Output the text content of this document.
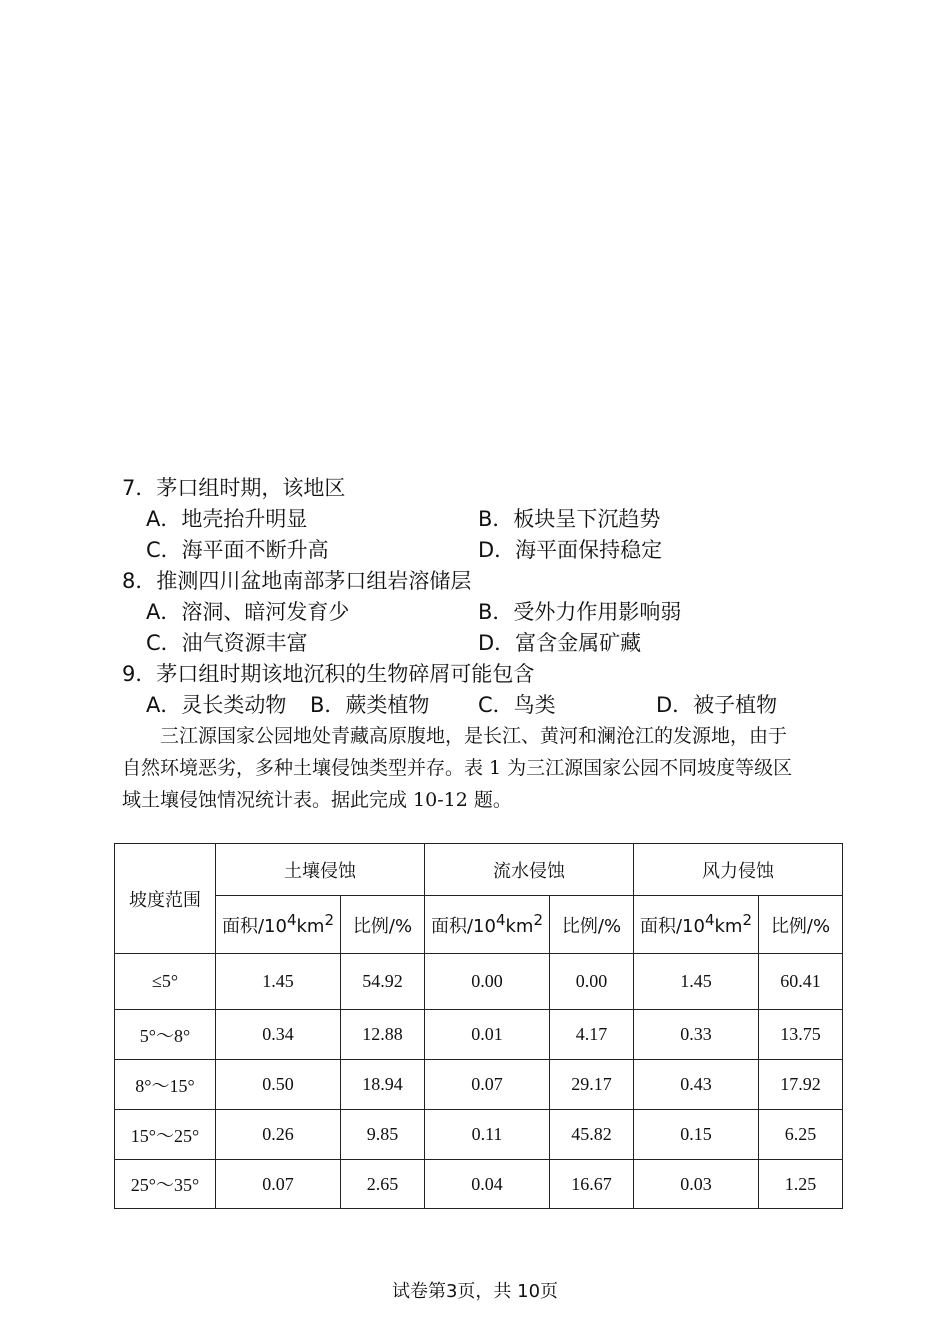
7．茅口组时期，该地区
A．地壳抬升明显	B．板块呈下沉趋势
C．海平面不断升高	D．海平面保持稳定
8．推测四川盆地南部茅口组岩溶储层
A．溶洞、暗河发育少	B．受外力作用影响弱
C．油气资源丰富	D．富含金属矿藏
9．茅口组时期该地沉积的生物碎屑可能包含
A．灵长类动物 B．蕨类植物 C．鸟类	D．被子植物

三江源国家公园地处青藏高原腹地，是长江、黄河和澜沧江的发源地，由于

自然环境恶劣，多种土壤侵蚀类型并存。表 1 为三江源国家公园不同坡度等级区

域土壤侵蚀情况统计表。据此完成 10-12 题。

坡度范围	土壤侵蚀		流水侵蚀		风力侵蚀	
	面积$/10^4km^2$	比例/%	面积$/10^4km^2$	比例/%	面积$/10^4km^2$	比例/%
≤5°	1.45	54.92	0.00	0.00	1.45	60.41
5°～8°	0.34	12.88	0.01	4.17	0.33	13.75
8°～15°	0.50	18.94	0.07	29.17	0.43	17.92
15°～25°	0.26	9.85	0.11	45.82	0.15	6.25
25°～35°	0.07	2.65	0.04	16.67	0.03	1.25
试卷第3页，共 10页
